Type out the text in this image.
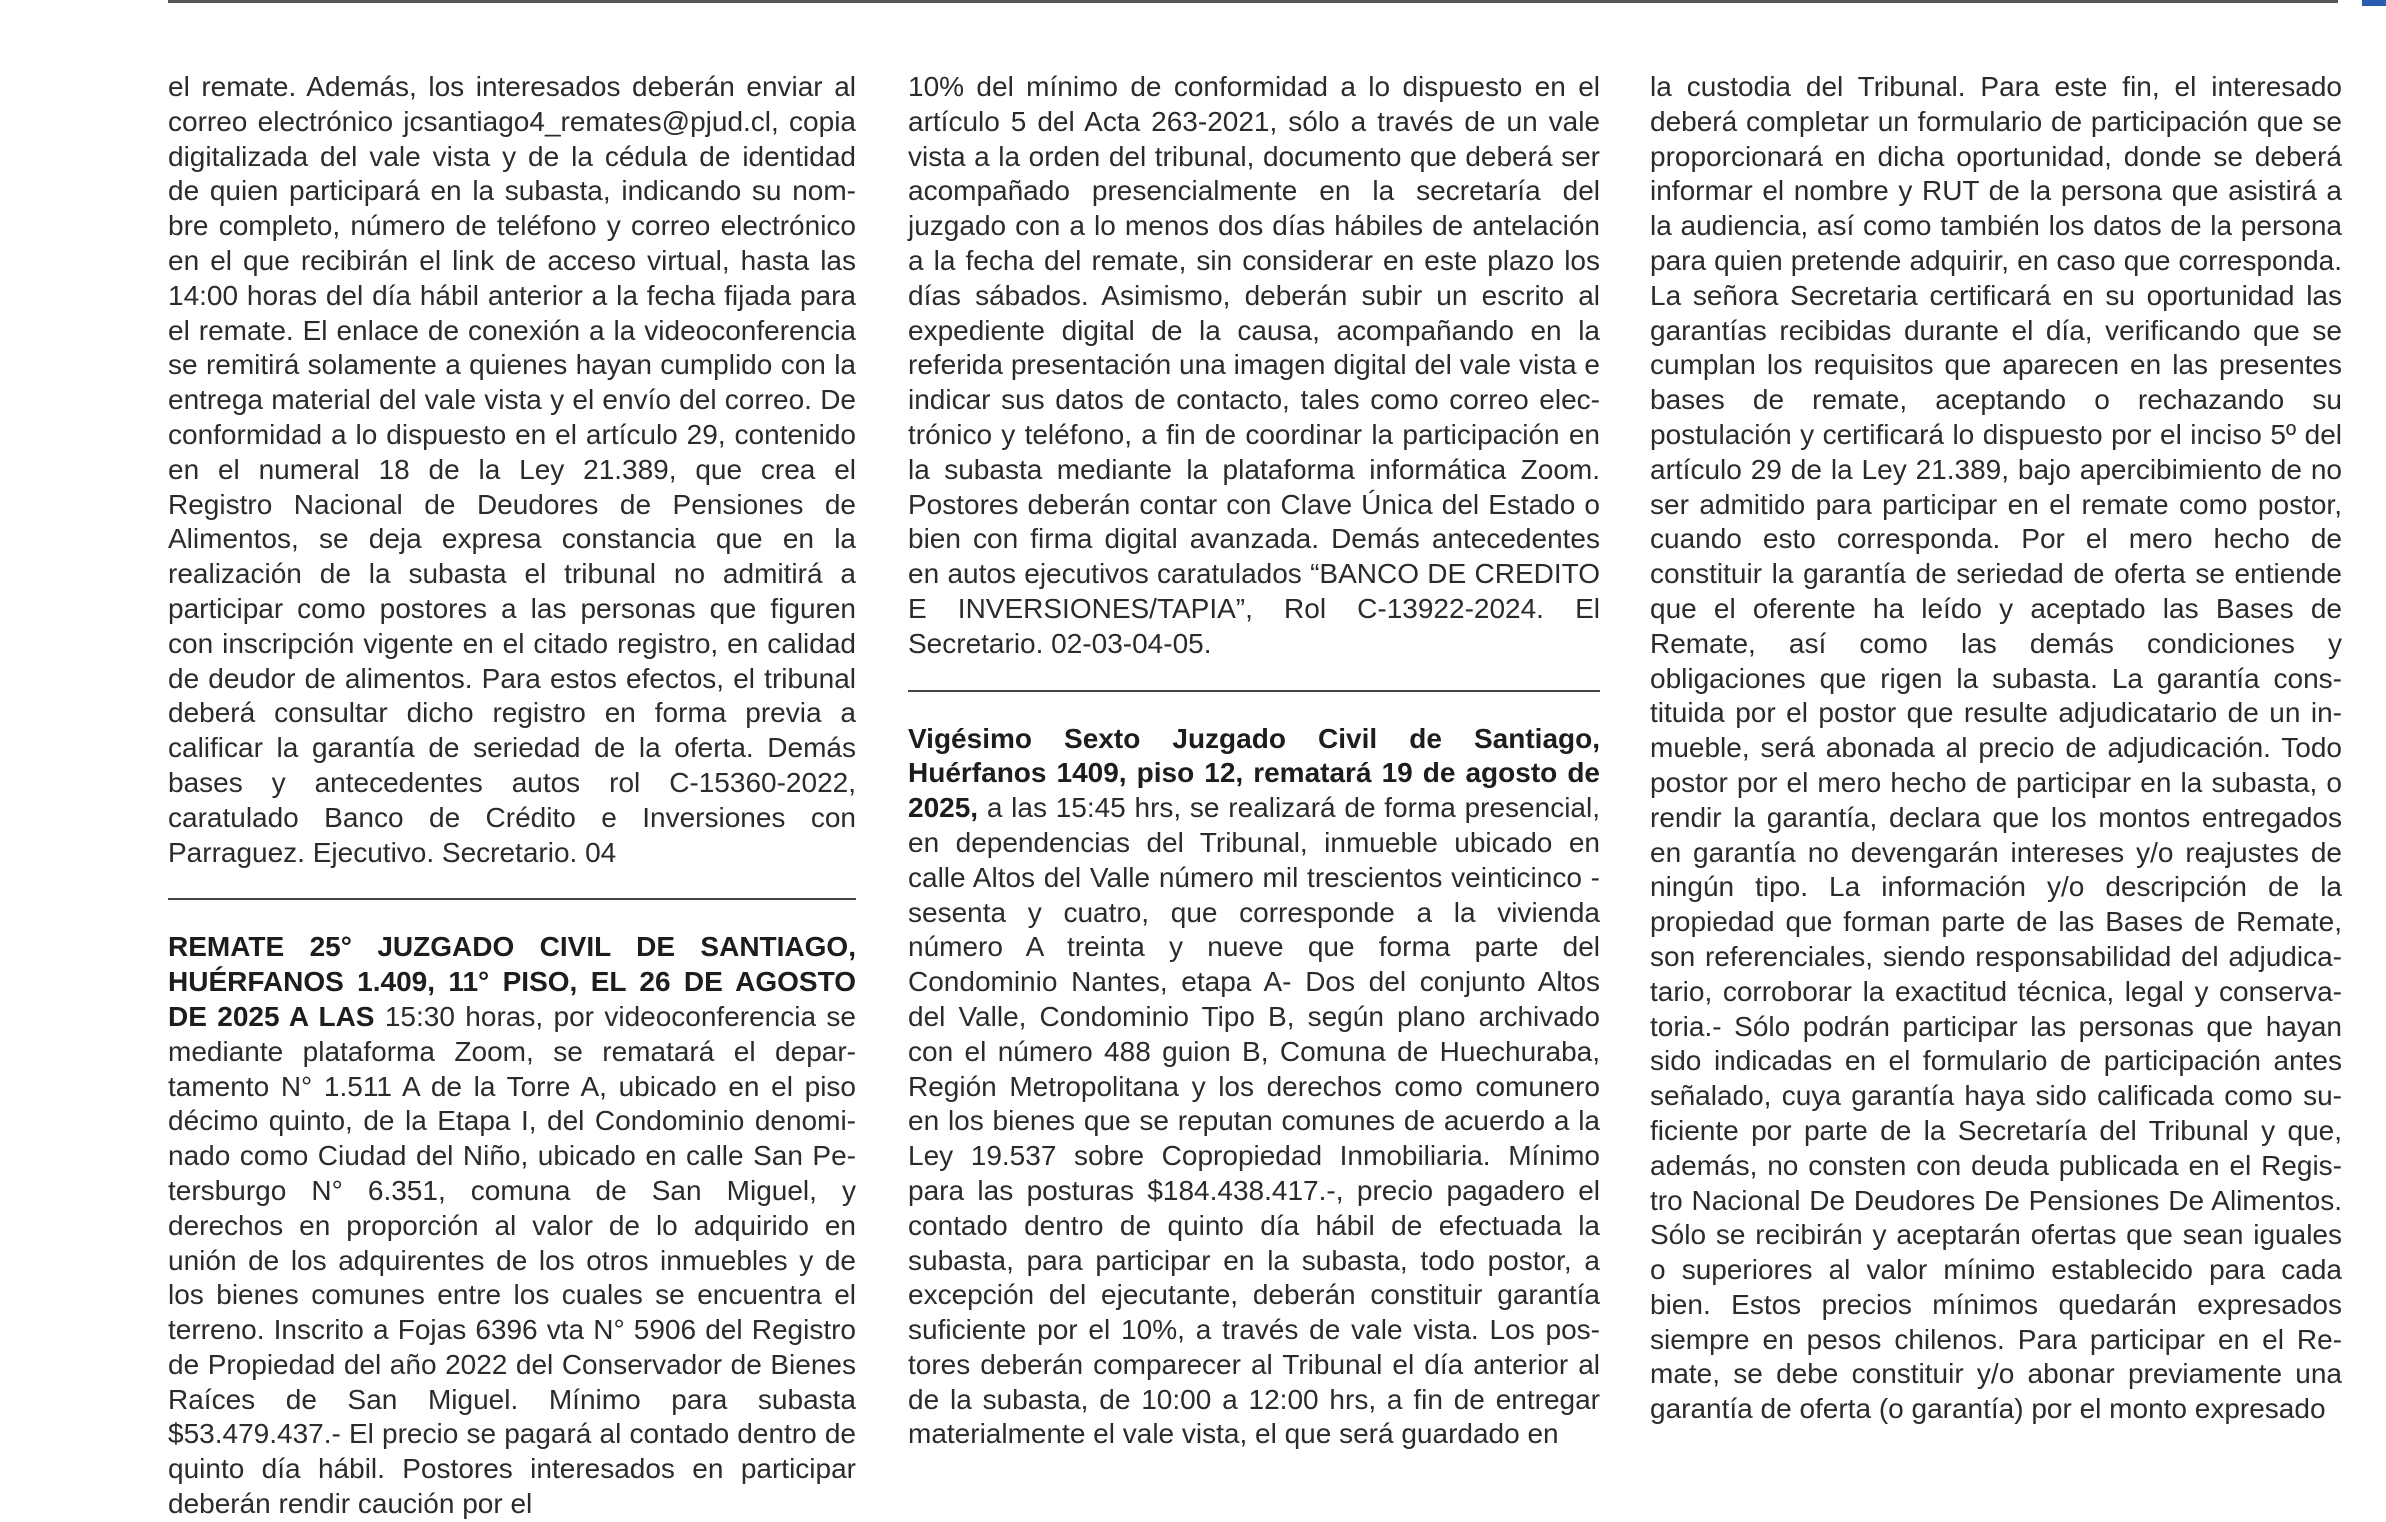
el remate. Además, los interesados deberán enviar al correo electrónico jcsantiago4_remates@pjud.cl, copia digitalizada del vale vista y de la cédula de identidad de quien participará en la subasta, indicando su nombre completo, número de teléfono y correo electrónico en el que recibirán el link de acceso virtual, hasta las 14:00 horas del día hábil anterior a la fecha fijada para el remate. El enlace de conexión a la videoconferencia se remitirá solamente a quienes hayan cumplido con la entrega material del vale vista y el envío del correo. De conformidad a lo dispuesto en el artículo 29, contenido en el numeral 18 de la Ley 21.389, que crea el Registro Nacional de Deudores de Pensiones de Alimentos, se deja expresa constancia que en la realización de la subasta el tribunal no admitirá a participar como postores a las personas que figuren con inscripción vigente en el citado registro, en calidad de deudor de alimentos. Para estos efectos, el tribunal deberá consultar dicho registro en forma previa a calificar la garantía de seriedad de la oferta. Demás bases y antecedentes autos rol C-15360-2022, caratulado Banco de Crédito e Inversiones con Parraguez. Ejecutivo. Secretario. 04

REMATE 25° JUZGADO CIVIL DE SANTIAGO, HUÉRFANOS 1.409, 11° PISO, EL 26 DE AGOSTO DE 2025 A LAS 15:30 horas, por videoconferencia se mediante plataforma Zoom, se rematará el departamento N° 1.511 A de la Torre A, ubicado en el piso décimo quinto, de la Etapa I, del Condominio denominado como Ciudad del Niño, ubicado en calle San Petersburgo N° 6.351, comuna de San Miguel, y derechos en proporción al valor de lo adquirido en unión de los adquirentes de los otros inmuebles y de los bienes comunes entre los cuales se encuentra el terreno. Inscrito a Fojas 6396 vta N° 5906 del Registro de Propiedad del año 2022 del Conservador de Bienes Raíces de San Miguel. Mínimo para subasta $53.479.437.- El precio se pagará al contado dentro de quinto día hábil. Postores interesados en participar deberán rendir caución por el

10% del mínimo de conformidad a lo dispuesto en el artículo 5 del Acta 263-2021, sólo a través de un vale vista a la orden del tribunal, documento que deberá ser acompañado presencialmente en la secretaría del juzgado con a lo menos dos días hábiles de antelación a la fecha del remate, sin considerar en este plazo los días sábados. Asimismo, deberán subir un escrito al expediente digital de la causa, acompañando en la referida presentación una imagen digital del vale vista e indicar sus datos de contacto, tales como correo electrónico y teléfono, a fin de coordinar la participación en la subasta mediante la plataforma informática Zoom. Postores deberán contar con Clave Única del Estado o bien con firma digital avanzada. Demás antecedentes en autos ejecutivos caratulados “BANCO DE CREDITO E INVERSIONES/TAPIA”, Rol C-13922-2024. El Secretario. 02-03-04-05.

Vigésimo Sexto Juzgado Civil de Santiago, Huérfanos 1409, piso 12, rematará 19 de agosto de 2025, a las 15:45 hrs, se realizará de forma presencial, en dependencias del Tribunal, inmueble ubicado en calle Altos del Valle número mil trescientos veinticinco - sesenta y cuatro, que corresponde a la vivienda número A treinta y nueve que forma parte del Condominio Nantes, etapa A- Dos del conjunto Altos del Valle, Condominio Tipo B, según plano archivado con el número 488 guion B, Comuna de Huechuraba, Región Metropolitana y los derechos como comunero en los bienes que se reputan comunes de acuerdo a la Ley 19.537 sobre Copropiedad Inmobiliaria. Mínimo para las posturas $184.438.417.-, precio pagadero el contado dentro de quinto día hábil de efectuada la subasta, para participar en la subasta, todo postor, a excepción del ejecutante, deberán constituir garantía suficiente por el 10%, a través de vale vista. Los postores deberán comparecer al Tribunal el día anterior al de la subasta, de 10:00 a 12:00 hrs, a fin de entregar materialmente el vale vista, el que será guardado en

la custodia del Tribunal. Para este fin, el interesado deberá completar un formulario de participación que se proporcionará en dicha oportunidad, donde se deberá informar el nombre y RUT de la persona que asistirá a la audiencia, así como también los datos de la persona para quien pretende adquirir, en caso que corresponda. La señora Secretaria certificará en su oportunidad las garantías recibidas durante el día, verificando que se cumplan los requisitos que aparecen en las presentes bases de remate, aceptando o rechazando su postulación y certificará lo dispuesto por el inciso 5º del artículo 29 de la Ley 21.389, bajo apercibimiento de no ser admitido para participar en el remate como postor, cuando esto corresponda. Por el mero hecho de constituir la garantía de seriedad de oferta se entiende que el oferente ha leído y aceptado las Bases de Remate, así como las demás condiciones y obligaciones que rigen la subasta. La garantía constituida por el postor que resulte adjudicatario de un inmueble, será abonada al precio de adjudicación. Todo postor por el mero hecho de participar en la subasta, o rendir la garantía, declara que los montos entregados en garantía no devengarán intereses y/o reajustes de ningún tipo. La información y/o descripción de la propiedad que forman parte de las Bases de Remate, son referenciales, siendo responsabilidad del adjudicatario, corroborar la exactitud técnica, legal y conservatoria.- Sólo podrán participar las personas que hayan sido indicadas en el formulario de participación antes señalado, cuya garantía haya sido calificada como suficiente por parte de la Secretaría del Tribunal y que, además, no consten con deuda publicada en el Registro Nacional De Deudores De Pensiones De Alimentos. Sólo se recibirán y aceptarán ofertas que sean iguales o superiores al valor mínimo establecido para cada bien. Estos precios mínimos quedarán expresados siempre en pesos chilenos. Para participar en el Remate, se debe constituir y/o abonar previamente una garantía de oferta (o garantía) por el monto expresado
